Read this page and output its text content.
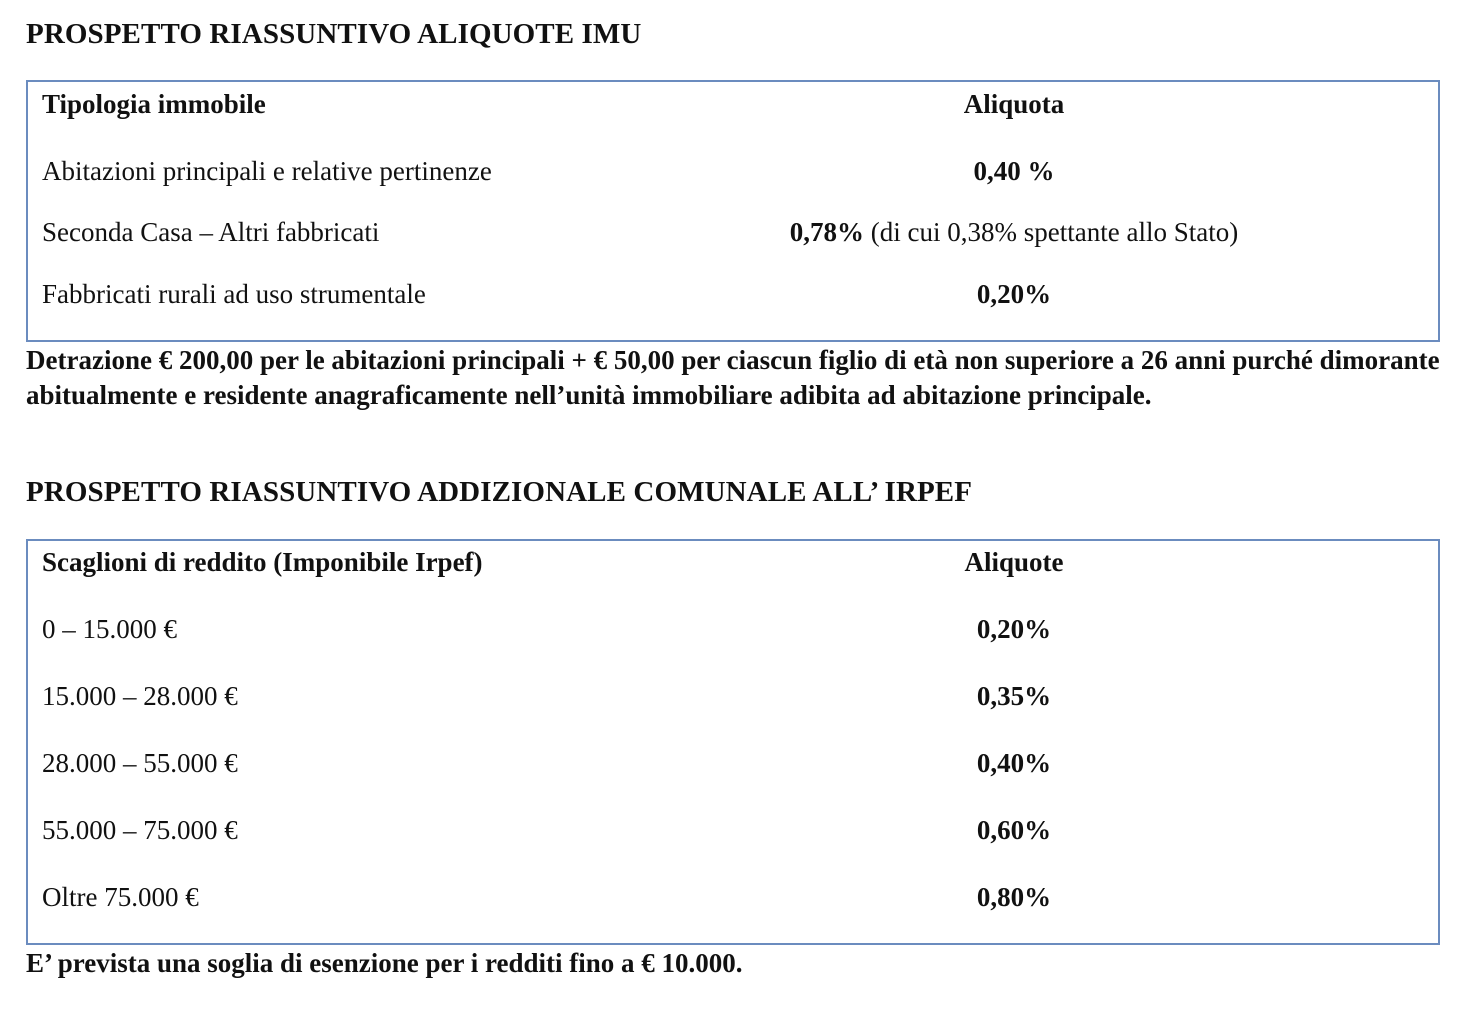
PROSPETTO RIASSUNTIVO ALIQUOTE IMU
Tipologia immobile	Aliquota
Abitazioni principali e relative pertinenze	0,40 %
Seconda Casa – Altri fabbricati	0,78% (di cui 0,38% spettante allo Stato)
Fabbricati rurali ad uso strumentale	0,20%

Detrazione € 200,00 per le abitazioni principali + € 50,00 per ciascun figlio di età non superiore a 26 anni purché dimorante abitualmente e residente anagraficamente nell’unità immobiliare adibita ad abitazione principale.

PROSPETTO RIASSUNTIVO ADDIZIONALE COMUNALE ALL’ IRPEF
Scaglioni di reddito (Imponibile Irpef)	Aliquote
0 – 15.000 €	0,20%
15.000 – 28.000 €	0,35%
28.000 – 55.000 €	0,40%
55.000 – 75.000 €	0,60%
Oltre 75.000 €	0,80%

E’ prevista una soglia di esenzione per i redditi fino a € 10.000.
